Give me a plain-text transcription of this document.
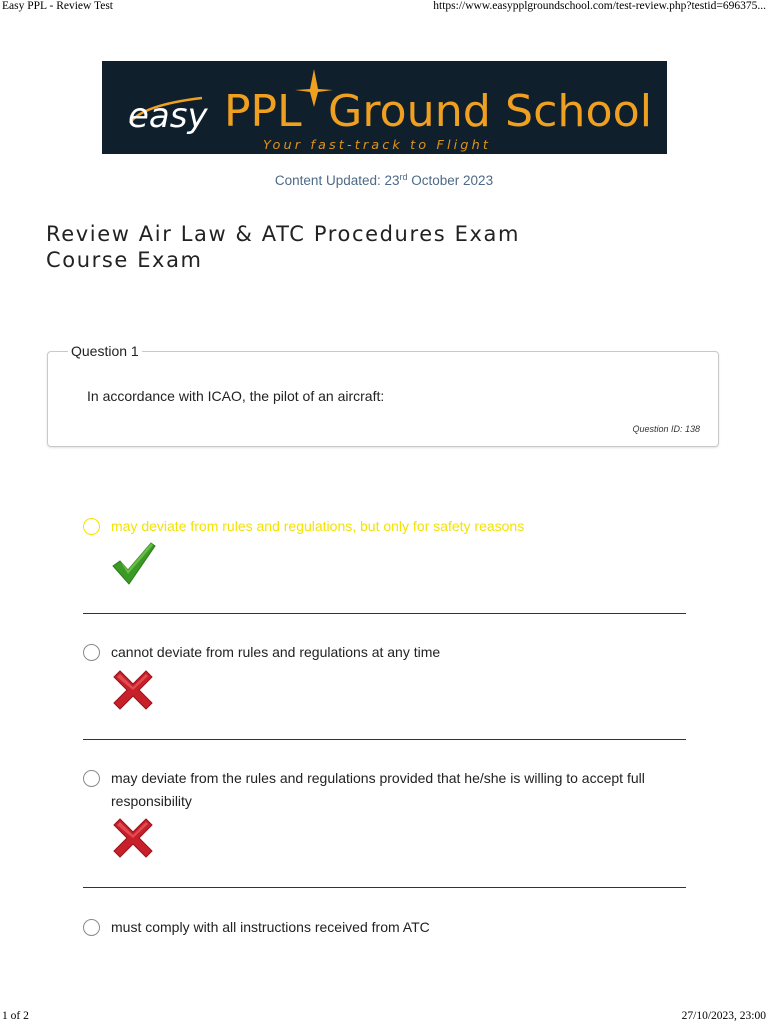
Easy PPL - Review Test	https://www.easypplgroundschool.com/test-review.php?testid=696375...
easy PPL Ground School
Your fast-track to Flight
Content Updated: 23rd October 2023
Review Air Law & ATC Procedures Exam
Course Exam
Question 1
In accordance with ICAO, the pilot of an aircraft:
Question ID: 138
may deviate from rules and regulations, but only for safety reasons
cannot deviate from rules and regulations at any time
may deviate from the rules and regulations provided that he/she is willing to accept full responsibility
must comply with all instructions received from ATC
1 of 2	27/10/2023, 23:00
